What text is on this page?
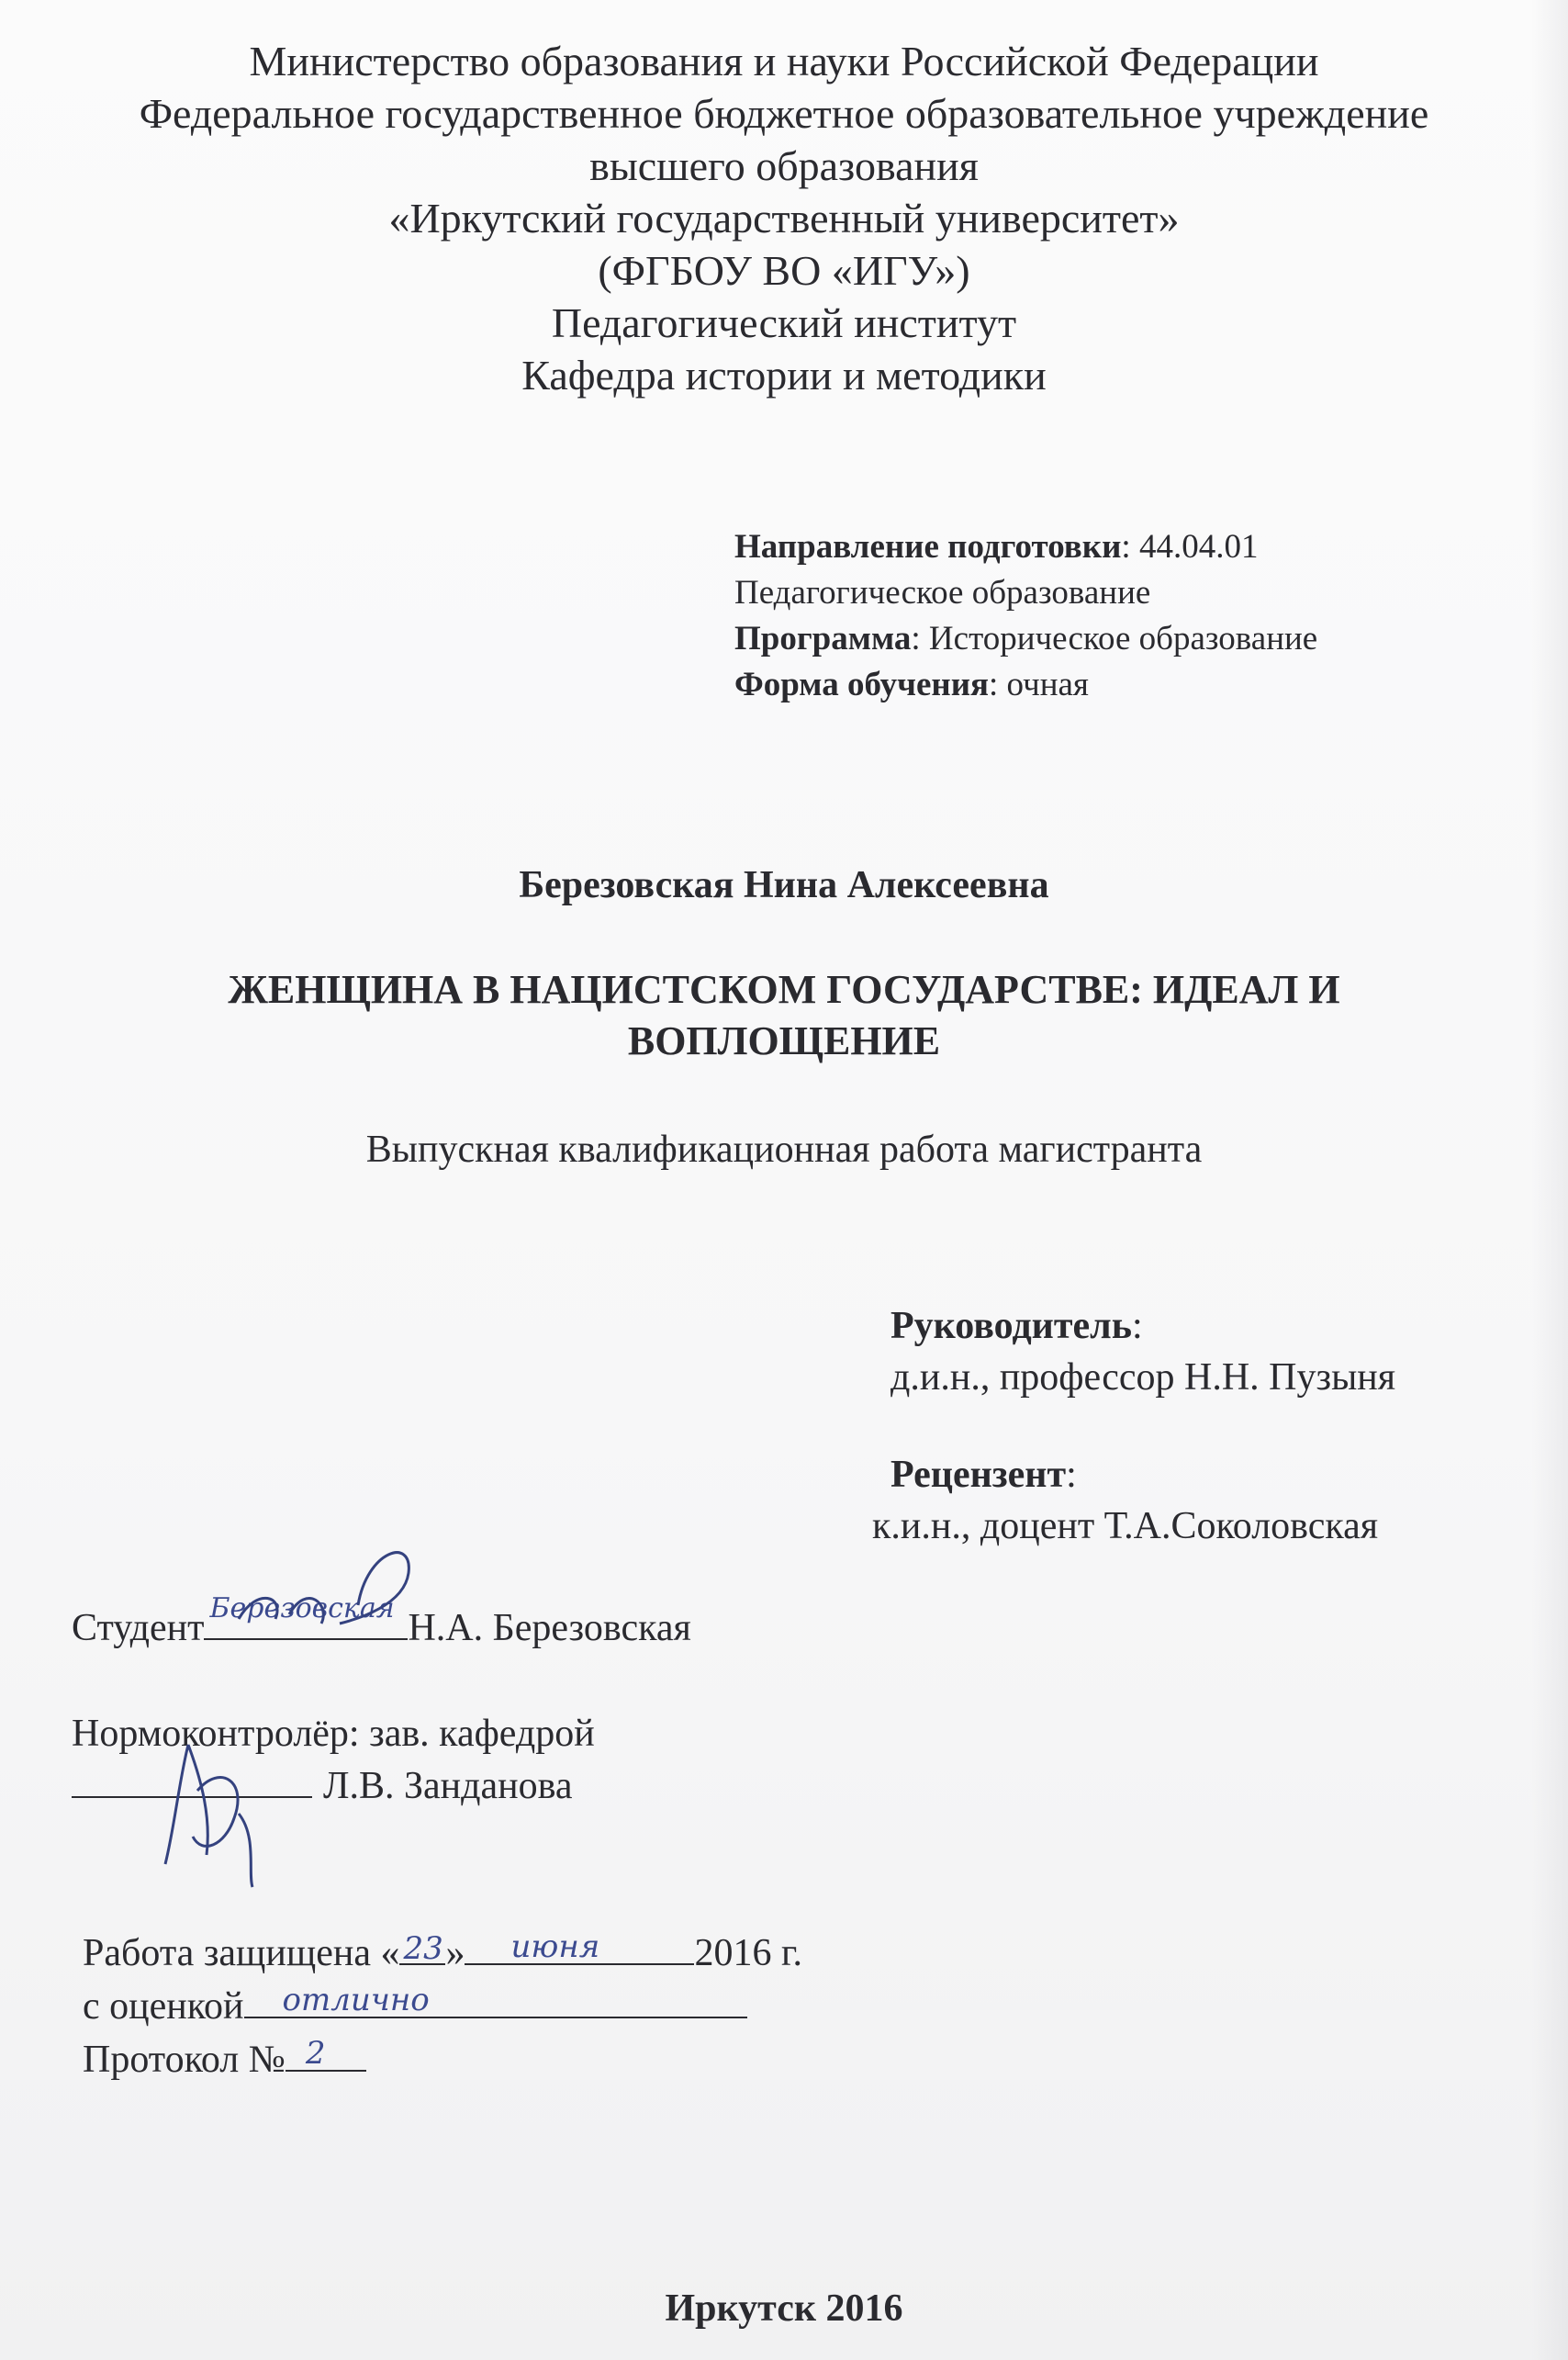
Министерство образования и науки Российской Федерации
Федеральное государственное бюджетное образовательное учреждение
высшего образования
«Иркутский государственный университет»
(ФГБОУ ВО «ИГУ»)
Педагогический институт
Кафедра истории и методики
Направление подготовки: 44.04.01
Педагогическое образование
Программа: Историческое образование
Форма обучения: очная
Березовская Нина Алексеевна
ЖЕНЩИНА В НАЦИСТСКОМ ГОСУДАРСТВЕ: ИДЕАЛ И
ВОПЛОЩЕНИЕ
Выпускная квалификационная работа магистранта
Руководитель:
д.и.н., профессор Н.Н. Пузыня
Рецензент:
к.и.н., доцент Т.А.Соколовская
Студент Березовская Н.А. Березовская
Нормоконтролёр: зав. кафедрой
Л.В. Занданова
Работа защищена « 23 » июня 2016 г.
с оценкой отлично
Протокол № 2
Иркутск 2016
